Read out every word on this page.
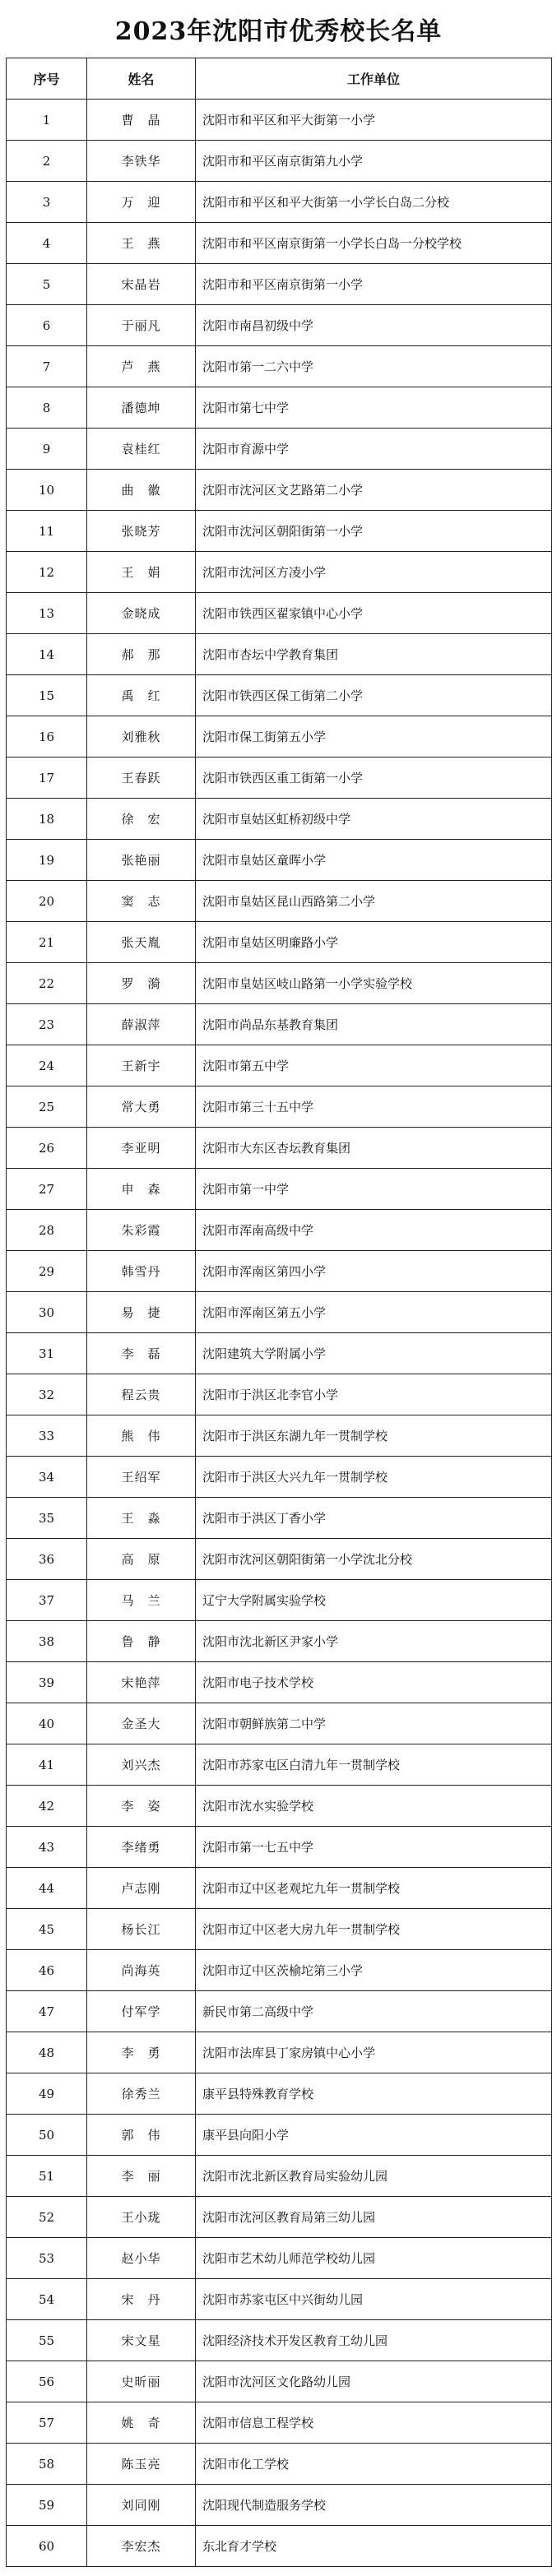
2023年沈阳市优秀校长名单
序号	姓名	工作单位
1	曹　晶	沈阳市和平区和平大街第一小学
2	李铁华	沈阳市和平区南京街第九小学
3	万　迎	沈阳市和平区和平大街第一小学长白岛二分校
4	王　燕	沈阳市和平区南京街第一小学长白岛一分校学校
5	宋晶岩	沈阳市和平区南京街第一小学
6	于丽凡	沈阳市南昌初级中学
7	芦　燕	沈阳市第一二六中学
8	潘德坤	沈阳市第七中学
9	袁桂红	沈阳市育源中学
10	曲　徽	沈阳市沈河区文艺路第二小学
11	张晓芳	沈阳市沈河区朝阳街第一小学
12	王　娟	沈阳市沈河区方凌小学
13	金晓成	沈阳市铁西区翟家镇中心小学
14	郝　那	沈阳市杏坛中学教育集团
15	禹　红	沈阳市铁西区保工街第二小学
16	刘雅秋	沈阳市保工街第五小学
17	王春跃	沈阳市铁西区重工街第一小学
18	徐　宏	沈阳市皇姑区虹桥初级中学
19	张艳丽	沈阳市皇姑区童晖小学
20	窦　志	沈阳市皇姑区昆山西路第二小学
21	张天胤	沈阳市皇姑区明廉路小学
22	罗　漪	沈阳市皇姑区岐山路第一小学实验学校
23	薛淑萍	沈阳市尚品东基教育集团
24	王新宇	沈阳市第五中学
25	常大勇	沈阳市第三十五中学
26	李亚明	沈阳市大东区杏坛教育集团
27	申　森	沈阳市第一中学
28	朱彩霞	沈阳市浑南高级中学
29	韩雪丹	沈阳市浑南区第四小学
30	易　捷	沈阳市浑南区第五小学
31	李　磊	沈阳建筑大学附属小学
32	程云贵	沈阳市于洪区北李官小学
33	熊　伟	沈阳市于洪区东湖九年一贯制学校
34	王绍军	沈阳市于洪区大兴九年一贯制学校
35	王　淼	沈阳市于洪区丁香小学
36	高　原	沈阳市沈河区朝阳街第一小学沈北分校
37	马　兰	辽宁大学附属实验学校
38	鲁　静	沈阳市沈北新区尹家小学
39	宋艳萍	沈阳市电子技术学校
40	金圣大	沈阳市朝鲜族第二中学
41	刘兴杰	沈阳市苏家屯区白清九年一贯制学校
42	李　姿	沈阳市沈水实验学校
43	李绪勇	沈阳市第一七五中学
44	卢志刚	沈阳市辽中区老观坨九年一贯制学校
45	杨长江	沈阳市辽中区老大房九年一贯制学校
46	尚海英	沈阳市辽中区茨榆坨第三小学
47	付军学	新民市第二高级中学
48	李　勇	沈阳市法库县丁家房镇中心小学
49	徐秀兰	康平县特殊教育学校
50	郭　伟	康平县向阳小学
51	李　丽	沈阳市沈北新区教育局实验幼儿园
52	王小珑	沈阳市沈河区教育局第三幼儿园
53	赵小华	沈阳市艺术幼儿师范学校幼儿园
54	宋　丹	沈阳市苏家屯区中兴街幼儿园
55	宋文星	沈阳经济技术开发区教育工幼儿园
56	史昕丽	沈阳市沈河区文化路幼儿园
57	姚　奇	沈阳市信息工程学校
58	陈玉亮	沈阳市化工学校
59	刘同刚	沈阳现代制造服务学校
60	李宏杰	东北育才学校
